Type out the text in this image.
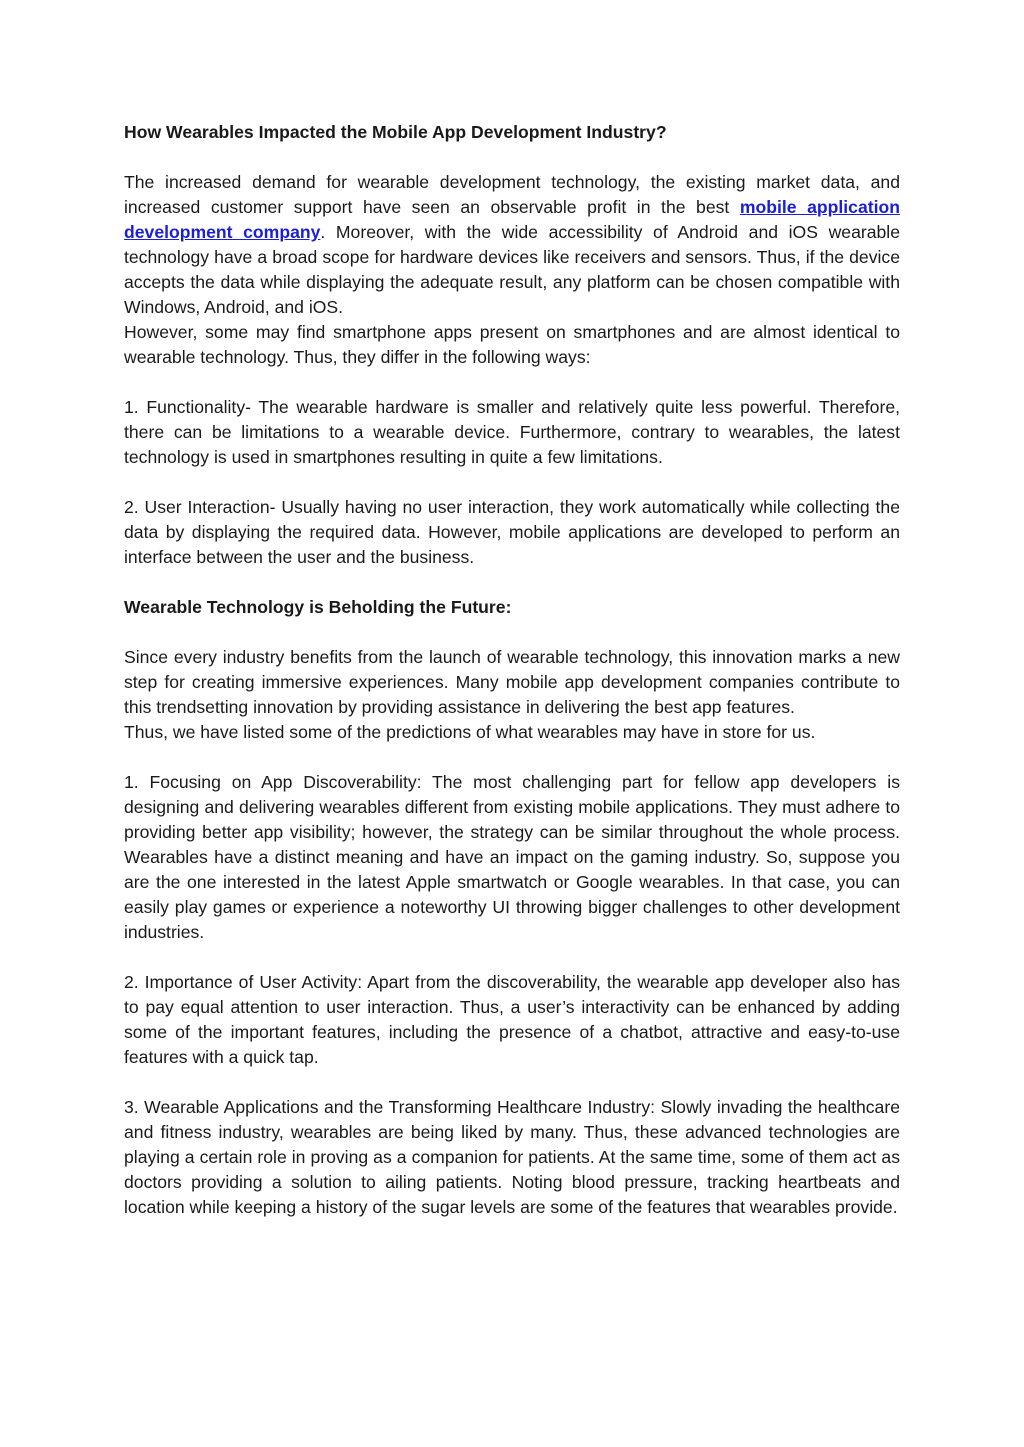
How Wearables Impacted the Mobile App Development Industry?

The increased demand for wearable development technology, the existing market data, and increased customer support have seen an observable profit in the best mobile application development company. Moreover, with the wide accessibility of Android and iOS wearable technology have a broad scope for hardware devices like receivers and sensors. Thus, if the device accepts the data while displaying the adequate result, any platform can be chosen compatible with Windows, Android, and iOS.

However, some may find smartphone apps present on smartphones and are almost identical to wearable technology. Thus, they differ in the following ways:

1. Functionality- The wearable hardware is smaller and relatively quite less powerful. Therefore, there can be limitations to a wearable device. Furthermore, contrary to wearables, the latest technology is used in smartphones resulting in quite a few limitations.

2. User Interaction- Usually having no user interaction, they work automatically while collecting the data by displaying the required data. However, mobile applications are developed to perform an interface between the user and the business.

Wearable Technology is Beholding the Future:

Since every industry benefits from the launch of wearable technology, this innovation marks a new step for creating immersive experiences. Many mobile app development companies contribute to this trendsetting innovation by providing assistance in delivering the best app features.

Thus, we have listed some of the predictions of what wearables may have in store for us.

1. Focusing on App Discoverability: The most challenging part for fellow app developers is designing and delivering wearables different from existing mobile applications. They must adhere to providing better app visibility; however, the strategy can be similar throughout the whole process. Wearables have a distinct meaning and have an impact on the gaming industry. So, suppose you are the one interested in the latest Apple smartwatch or Google wearables. In that case, you can easily play games or experience a noteworthy UI throwing bigger challenges to other development industries.

2. Importance of User Activity: Apart from the discoverability, the wearable app developer also has to pay equal attention to user interaction. Thus, a user’s interactivity can be enhanced by adding some of the important features, including the presence of a chatbot, attractive and easy-to-use features with a quick tap.

3. Wearable Applications and the Transforming Healthcare Industry: Slowly invading the healthcare and fitness industry, wearables are being liked by many. Thus, these advanced technologies are playing a certain role in proving as a companion for patients. At the same time, some of them act as doctors providing a solution to ailing patients. Noting blood pressure, tracking heartbeats and location while keeping a history of the sugar levels are some of the features that wearables provide.
